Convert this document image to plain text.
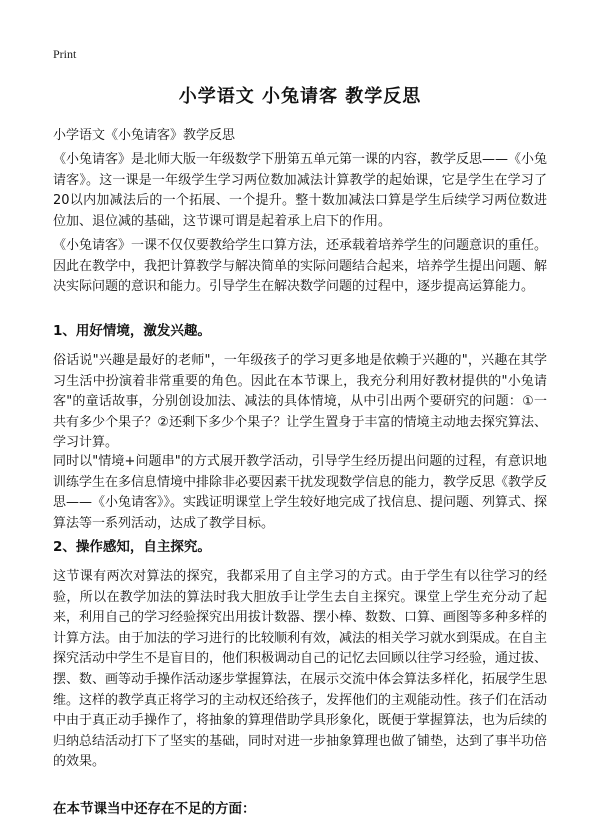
Print
小学语文 小兔请客 教学反思
小学语文《小兔请客》教学反思

《小兔请客》是北师大版一年级数学下册第五单元第一课的内容，教学反思——《小兔请客》。这一课是一年级学生学习两位数加减法计算教学的起始课，它是学生在学习了20以内加减法后的一个拓展、一个提升。整十数加减法口算是学生后续学习两位数进位加、退位减的基础，这节课可谓是起着承上启下的作用。

《小兔请客》一课不仅仅要教给学生口算方法，还承载着培养学生的问题意识的重任。因此在教学中，我把计算教学与解决简单的实际问题结合起来，培养学生提出问题、解决实际问题的意识和能力。引导学生在解决数学问题的过程中，逐步提高运算能力。

1、用好情境，激发兴趣。

俗话说"兴趣是最好的老师"，一年级孩子的学习更多地是依赖于兴趣的"，兴趣在其学习生活中扮演着非常重要的角色。因此在本节课上，我充分利用好教材提供的"小兔请客"的童话故事，分别创设加法、减法的具体情境，从中引出两个要研究的问题：①一共有多少个果子？②还剩下多少个果子？让学生置身于丰富的情境主动地去探究算法、学习计算。

同时以"情境+问题串"的方式展开教学活动，引导学生经历提出问题的过程，有意识地训练学生在多信息情境中排除非必要因素干扰发现数学信息的能力，教学反思《教学反思——《小兔请客》》。实践证明课堂上学生较好地完成了找信息、提问题、列算式、探算法等一系列活动，达成了教学目标。

2、操作感知，自主探究。

这节课有两次对算法的探究，我都采用了自主学习的方式。由于学生有以往学习的经验，所以在教学加法的算法时我大胆放手让学生去自主探究。课堂上学生充分动了起来，利用自己的学习经验探究出用拔计数器、摆小棒、数数、口算、画图等多种多样的计算方法。由于加法的学习进行的比较顺利有效，减法的相关学习就水到渠成。在自主探究活动中学生不是盲目的，他们积极调动自己的记忆去回顾以往学习经验，通过拔、摆、数、画等动手操作活动逐步掌握算法，在展示交流中体会算法多样化，拓展学生思维。这样的教学真正将学习的主动权还给孩子，发挥他们的主观能动性。孩子们在活动中由于真正动手操作了，将抽象的算理借助学具形象化，既便于掌握算法，也为后续的归纳总结活动打下了坚实的基础，同时对进一步抽象算理也做了铺垫，达到了事半功倍的效果。

在本节课当中还存在不足的方面：
